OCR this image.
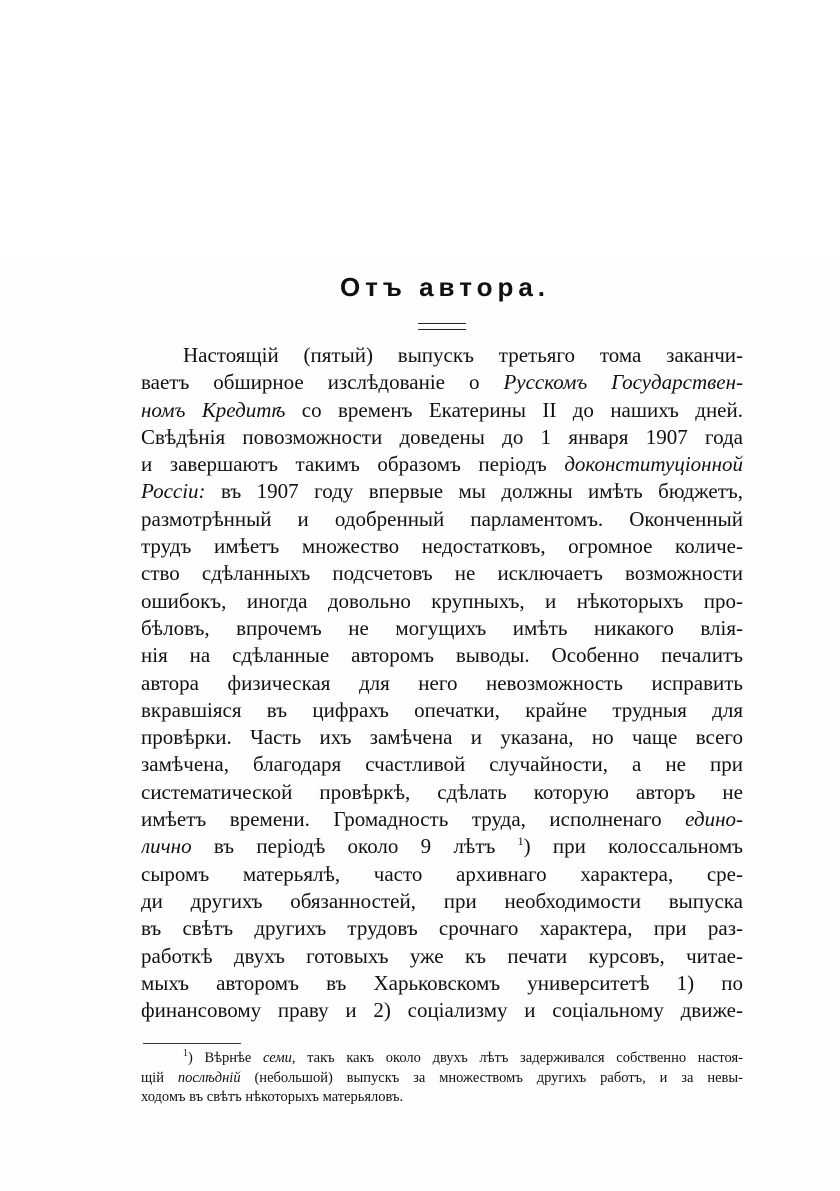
Отъ автора.
Настоящій (пятый) выпускъ третьяго тома заканчи-
ваетъ обширное изслѣдованіе о Русскомъ Государствен-
номъ Кредитѣ со временъ Екатерины II до нашихъ дней.
Свѣдѣнія повозможности доведены до 1 января 1907 года
и завершаютъ такимъ образомъ періодъ доконституціонной
Россіи: въ 1907 году впервые мы должны имѣть бюджетъ,
размотрѣнный и одобренный парламентомъ. Оконченный
трудъ имѣетъ множество недостатковъ, огромное количе-
ство сдѣланныхъ подсчетовъ не исключаетъ возможности
ошибокъ, иногда довольно крупныхъ, и нѣкоторыхъ про-
бѣловъ, впрочемъ не могущихъ имѣть никакого влія-
нія на сдѣланные авторомъ выводы. Особенно печалитъ
автора физическая для него невозможность исправить
вкравшіяся въ цифрахъ опечатки, крайне трудныя для
провѣрки. Часть ихъ замѣчена и указана, но чаще всего
замѣчена, благодаря счастливой случайности, а не при
систематической провѣркѣ, сдѣлать которую авторъ не
имѣетъ времени. Громадность труда, исполненаго едино-
лично въ періодѣ около 9 лѣтъ $^1$) при колоссальномъ
сыромъ матерьялѣ, часто архивнаго характера, сре-
ди другихъ обязанностей, при необходимости выпуска
въ свѣтъ другихъ трудовъ срочнаго характера, при раз-
работкѣ двухъ готовыхъ уже къ печати курсовъ, читае-
мыхъ авторомъ въ Харьковскомъ университетѣ 1) по
финансовому праву и 2) соціализму и соціальному движе-
$^1$) Вѣрнѣе семи, такъ какъ около двухъ лѣтъ задерживался собственно настоя-
щій послѣдній (небольшой) выпускъ за множествомъ другихъ работъ, и за невы-
ходомъ въ свѣтъ нѣкоторыхъ матерьяловъ.
